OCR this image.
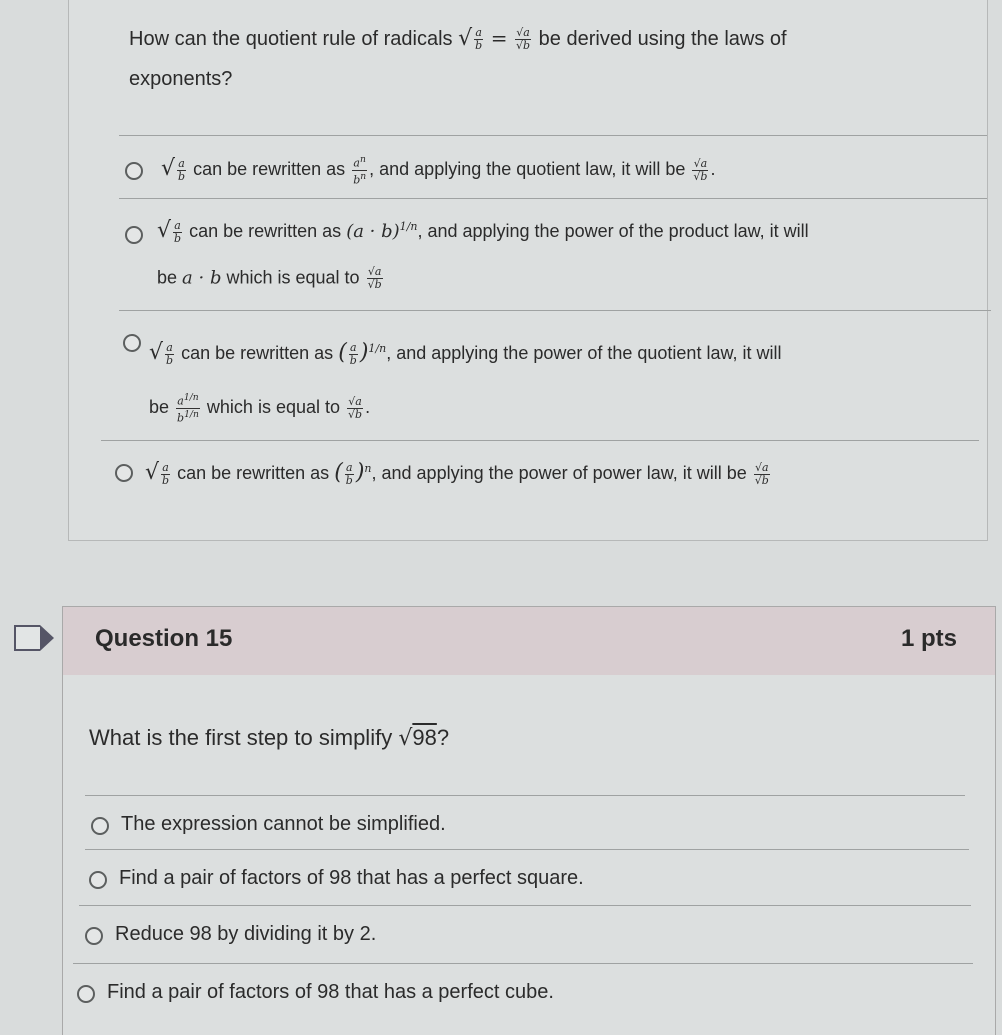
How can the quotient rule of radicals √ $\frac{a}{b} = \frac{√a}{√b}$ be derived using the laws of
exponents?
√ $\frac{a}{b}$ can be rewritten as $\frac{a^n}{b^n}$ , and applying the quotient law, it will be $\frac{√a}{√b}$ .
√ $\frac{a}{b}$ can be rewritten as $(a \cdot b)^{1/n}$, and applying the power of the product law, it will
be a · b which is equal to $\frac{√a}{√b}$
√ $\frac{a}{b}$ can be rewritten as ( $\frac{a}{b} )^{1/n}$, and applying the power of the quotient law, it will
be $\frac{a^{1/n}}{b^{1/n}}$ which is equal to $\frac{√a}{√b}$ .
√ $\frac{a}{b}$ can be rewritten as ( $\frac{a}{b} )^n$, and applying the power of power law, it will be $\frac{√a}{√b}$
Question 15	1 pts
What is the first step to simplify √98?
The expression cannot be simplified.
Find a pair of factors of 98 that has a perfect square.
Reduce 98 by dividing it by 2.
Find a pair of factors of 98 that has a perfect cube.
